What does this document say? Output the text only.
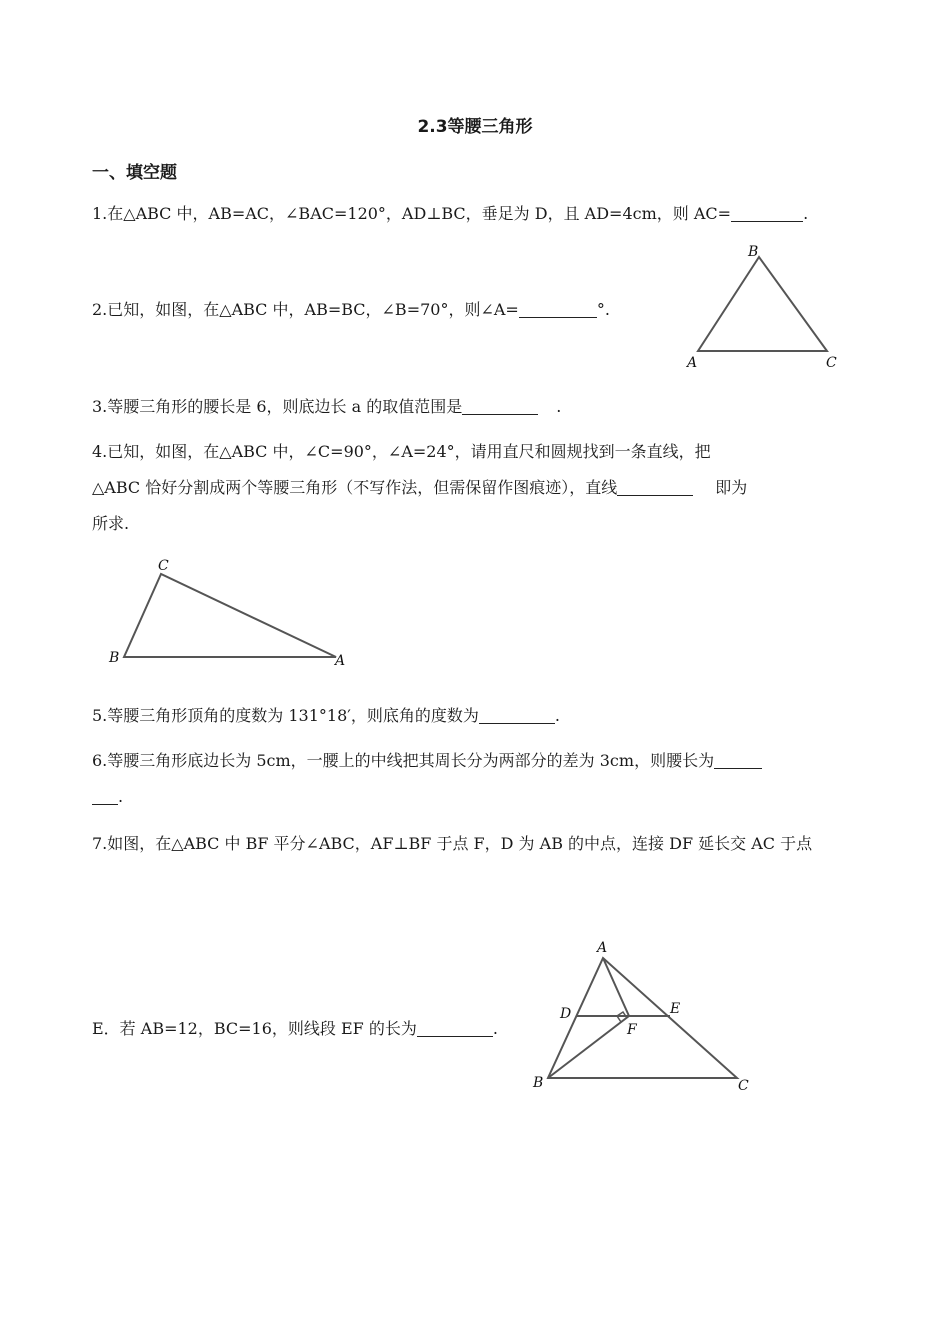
2.3等腰三角形
一、填空题
1.在△ABC 中，AB=AC，∠BAC=120°，AD⊥BC，垂足为 D，且 AD=4cm，则 AC=	.
2.已知，如图，在△ABC 中，AB=BC，∠B=70°，则∠A=	°.
B
A	C
3.等腰三角形的腰长是 6，则底边长 a 的取值范围是	.
4.已知，如图，在△ABC 中，∠C=90°，∠A=24°，请用直尺和圆规找到一条直线，把
△ABC 恰好分割成两个等腰三角形（不写作法，但需保留作图痕迹），直线	即为
所求.
C
B	A
5.等腰三角形顶角的度数为 131°18′，则底角的度数为	.
6.等腰三角形底边长为 5cm，一腰上的中线把其周长分为两部分的差为 3cm，则腰长为
.
7.如图，在△ABC 中 BF 平分∠ABC，AF⊥BF 于点 F，D 为 AB 的中点，连接 DF 延长交 AC 于点
E．若 AB=12，BC=16，则线段 EF 的长为	.
A
D	E
F
B	C
